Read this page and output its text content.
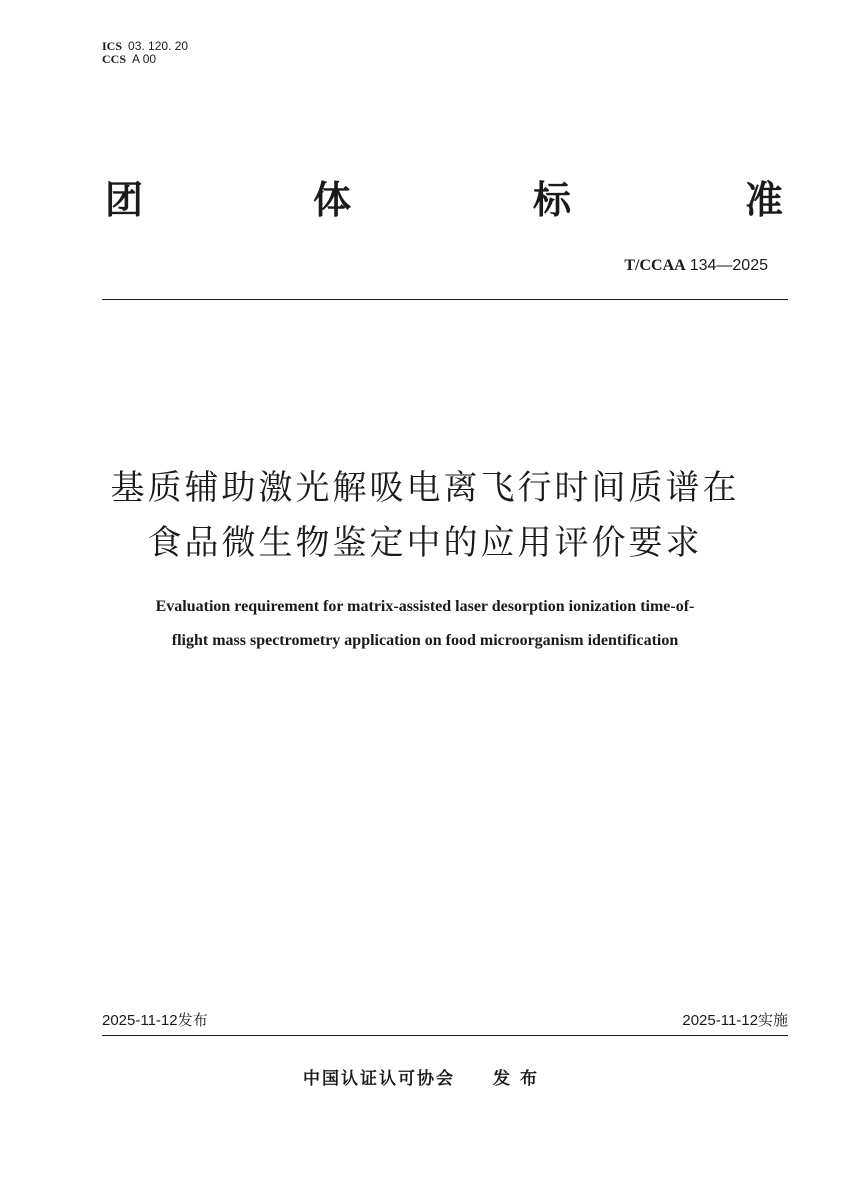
ICS 03. 120. 20
CCS A 00
团	体	标	准
T/CCAA 134—2025
基质辅助激光解吸电离飞行时间质谱在
食品微生物鉴定中的应用评价要求
Evaluation requirement for matrix-assisted laser desorption ionization time-of-
flight mass spectrometry application on food microorganism identification
2025-11-12发布	2025-11-12实施
中国认证认可协会 发布
